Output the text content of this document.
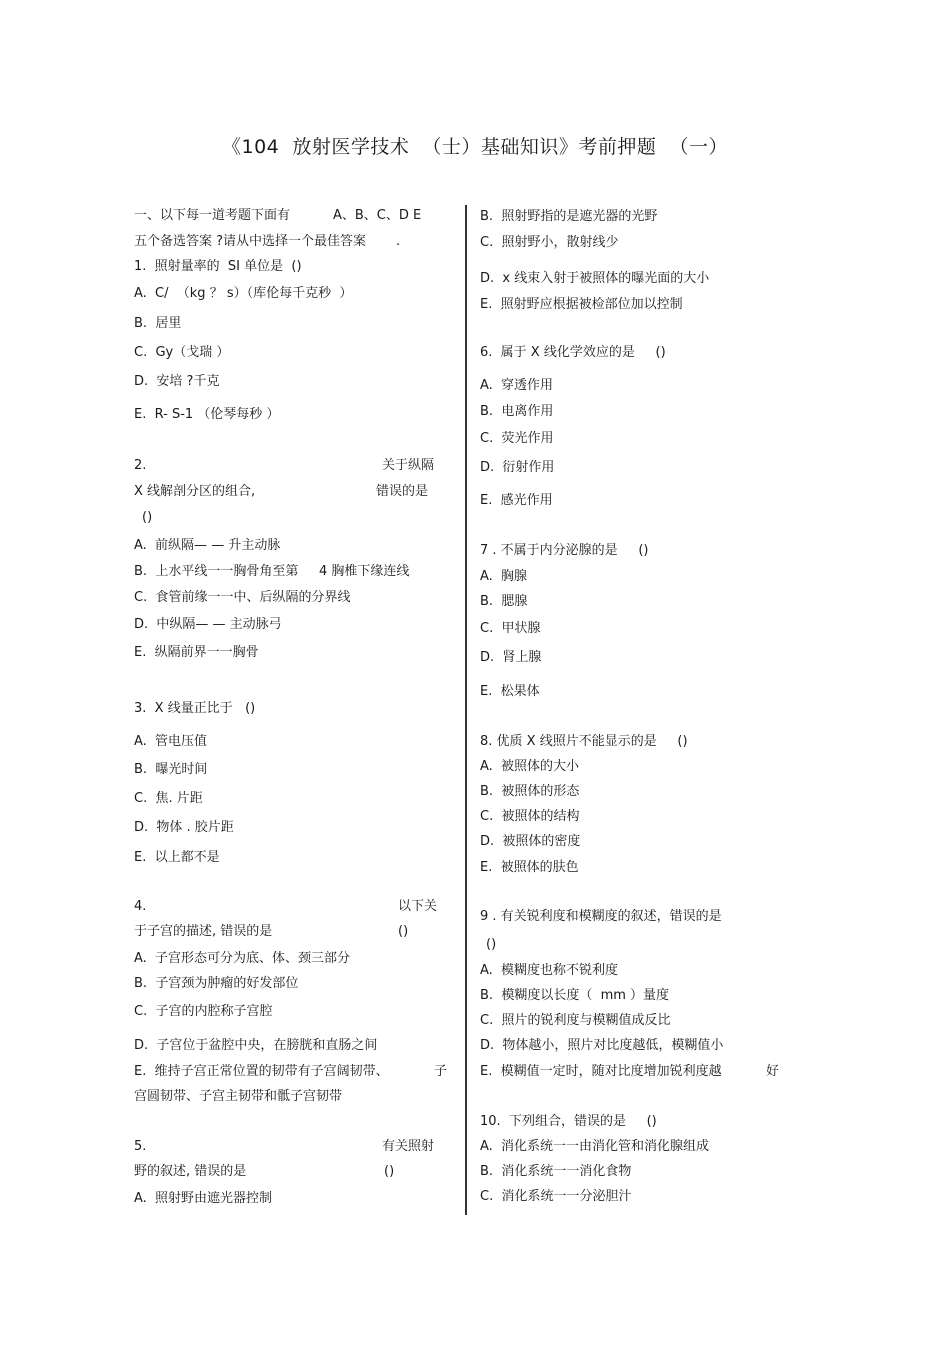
《104  放射医学技术  （士）基础知识》考前押题  （一）
一、以下每一道考题下面有	A、B、C、D E
五个备选答案 ?请从中选择一个最佳答案 .
1.  照射量率的  SI 单位是  ()
A.  C/  （kg ？ s）（库伦每千克秒  ）
B.  居里
C.  Gy（戈瑞 ）
D.  安培 ?千克
E.  R- S-1 （伦琴每秒 ）
2.	关于纵隔
X 线解剖分区的组合,	错误的是
()
A.  前纵隔— — 升主动脉
B.  上水平线一一胸骨角至第     4 胸椎下缘连线
C.  食管前缘一一中、后纵隔的分界线
D.  中纵隔— — 主动脉弓
E.  纵隔前界一一胸骨
3.  X 线量正比于   ()
A.  管电压值
B.  曝光时间
C.  焦. 片距
D.  物体 . 胶片距
E.  以上都不是
4.	以下关
于子宫的描述, 错误的是	()
A.  子宫形态可分为底、体、颈三部分
B.  子宫颈为肿瘤的好发部位
C.  子宫的内腔称子宫腔
D.  子宫位于盆腔中央，在膀胱和直肠之间
E.  维持子宫正常位置的韧带有子宫阔韧带、	子
宫圆韧带、子宫主韧带和骶子宫韧带
5.	有关照射
野的叙述, 错误的是	()
A.  照射野由遮光器控制
B.  照射野指的是遮光器的光野
C.  照射野小，散射线少
D.  x 线束入射于被照体的曝光面的大小
E.  照射野应根据被检部位加以控制
6.  属于 X 线化学效应的是     ()
A.  穿透作用
B.  电离作用
C.  荧光作用
D.  衍射作用
E.  感光作用
7 . 不属于内分泌腺的是     ()
A.  胸腺
B.  腮腺
C.  甲状腺
D.  肾上腺
E.  松果体
8. 优质 X 线照片不能显示的是     ()
A.  被照体的大小
B.  被照体的形态
C.  被照体的结构
D.  被照体的密度
E.  被照体的肤色
9 . 有关锐利度和模糊度的叙述，错误的是
()
A.  模糊度也称不锐利度
B.  模糊度以长度（  mm ）量度
C.  照片的锐利度与模糊值成反比
D.  物体越小，照片对比度越低，模糊值小
E.  模糊值一定时，随对比度增加锐利度越	好
10.  下列组合，错误的是     ()
A.  消化系统一一由消化管和消化腺组成
B.  消化系统一一消化食物
C.  消化系统一一分泌胆汁
